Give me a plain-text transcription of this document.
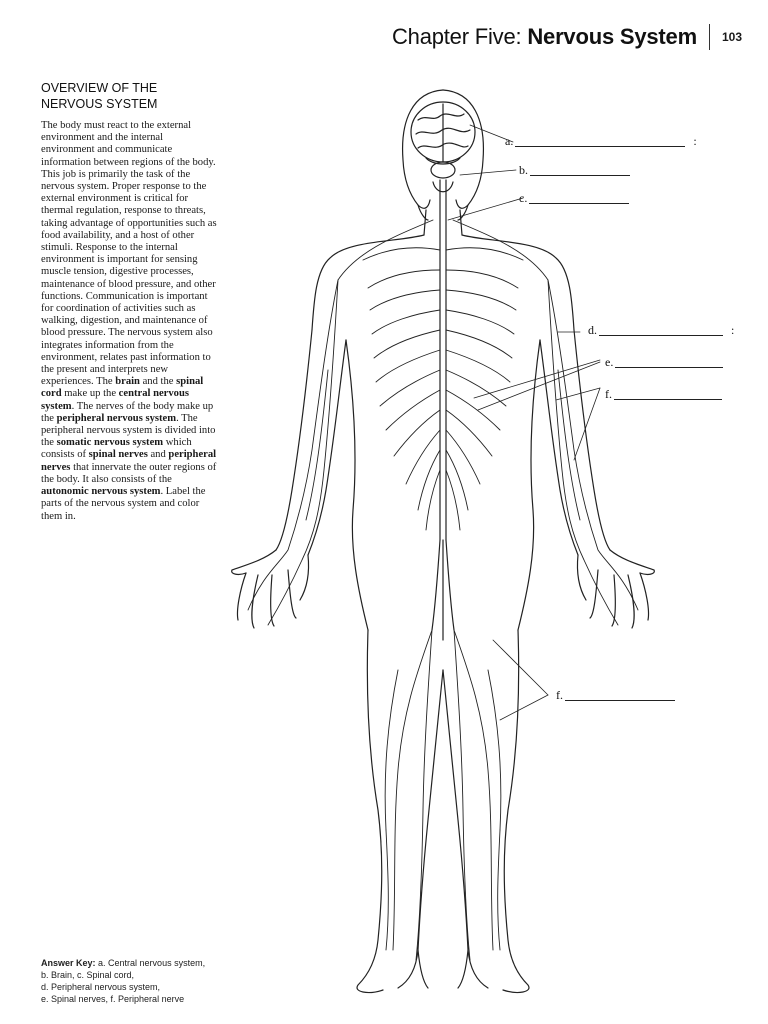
Chapter Five: Nervous System 103
OVERVIEW OF THE NERVOUS SYSTEM

The body must react to the external environment and the internal environment and communicate information between regions of the body. This job is primarily the task of the nervous system. Proper response to the external environment is critical for thermal regulation, response to threats, taking advantage of opportunities such as food availability, and a host of other stimuli. Response to the internal environment is important for sensing muscle tension, digestive processes, maintenance of blood pressure, and other functions. Communication is important for coordination of activities such as walking, digestion, and maintenance of blood pressure. The nervous system also integrates information from the environment, relates past information to the present and interprets new experiences. The brain and the spinal cord make up the central nervous system. The nerves of the body make up the peripheral nervous system. The peripheral nervous system is divided into the somatic nervous system which consists of spinal nerves and peripheral nerves that innervate the outer regions of the body. It also consists of the autonomic nervous system. Label the parts of the nervous system and color them in.

Answer Key: a. Central nervous system,
b. Brain, c. Spinal cord,
d. Peripheral nervous system,
e. Spinal nerves, f. Peripheral nerve
a.	:
b.
c.
d.	:
e.
f.
f.
